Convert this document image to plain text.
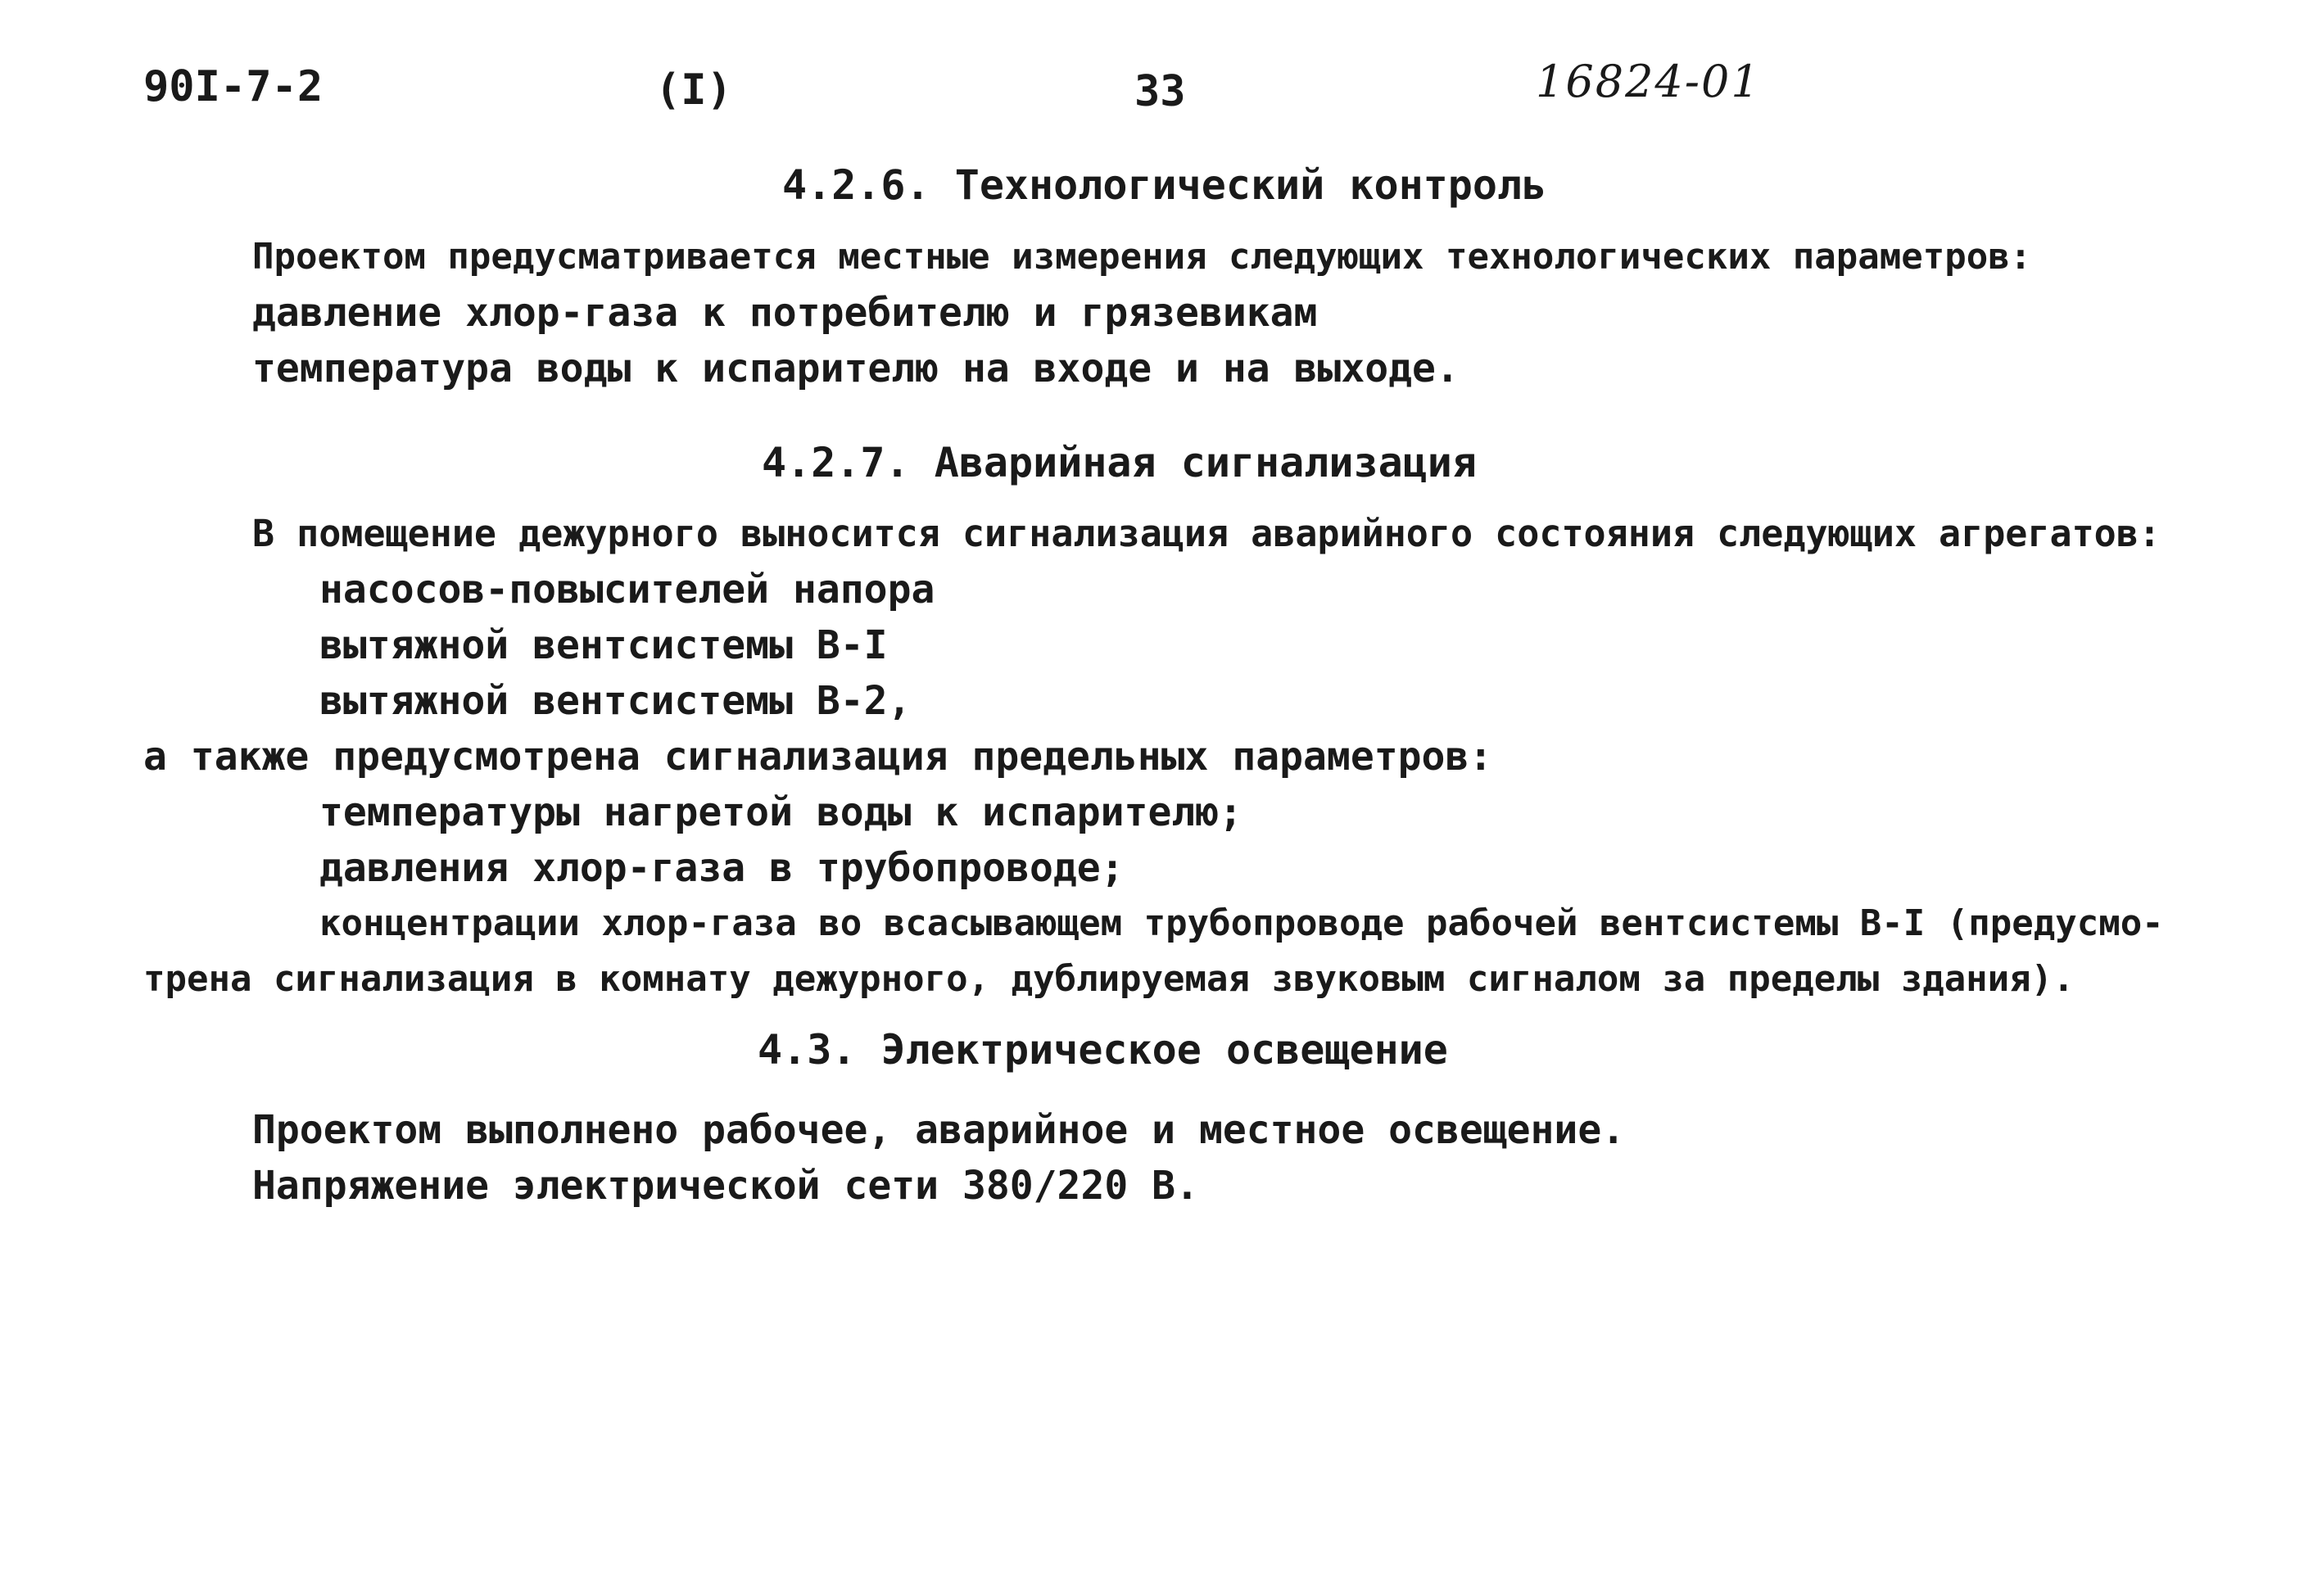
90I-7-2	(I)	33	16824-01
4.2.6. Технологический контроль
Проектом предусматривается местные измерения следующих технологических параметров:
давление хлор-газа к потребителю и грязевикам
температура воды к испарителю на входе и на выходе.
4.2.7. Аварийная сигнализация
В помещение дежурного выносится сигнализация аварийного состояния следующих агрегатов:
насосов-повысителей напора
вытяжной вентсистемы В-I
вытяжной вентсистемы В-2,
а также предусмотрена сигнализация предельных параметров:
температуры нагретой воды к испарителю;
давления хлор-газа в трубопроводе;
концентрации хлор-газа во всасывающем трубопроводе рабочей вентсистемы В-I (предусмо-
трена сигнализация в комнату дежурного, дублируемая звуковым сигналом за пределы здания).
4.3. Электрическое освещение
Проектом выполнено рабочее, аварийное и местное освещение.
Напряжение электрической сети 380/220 В.
